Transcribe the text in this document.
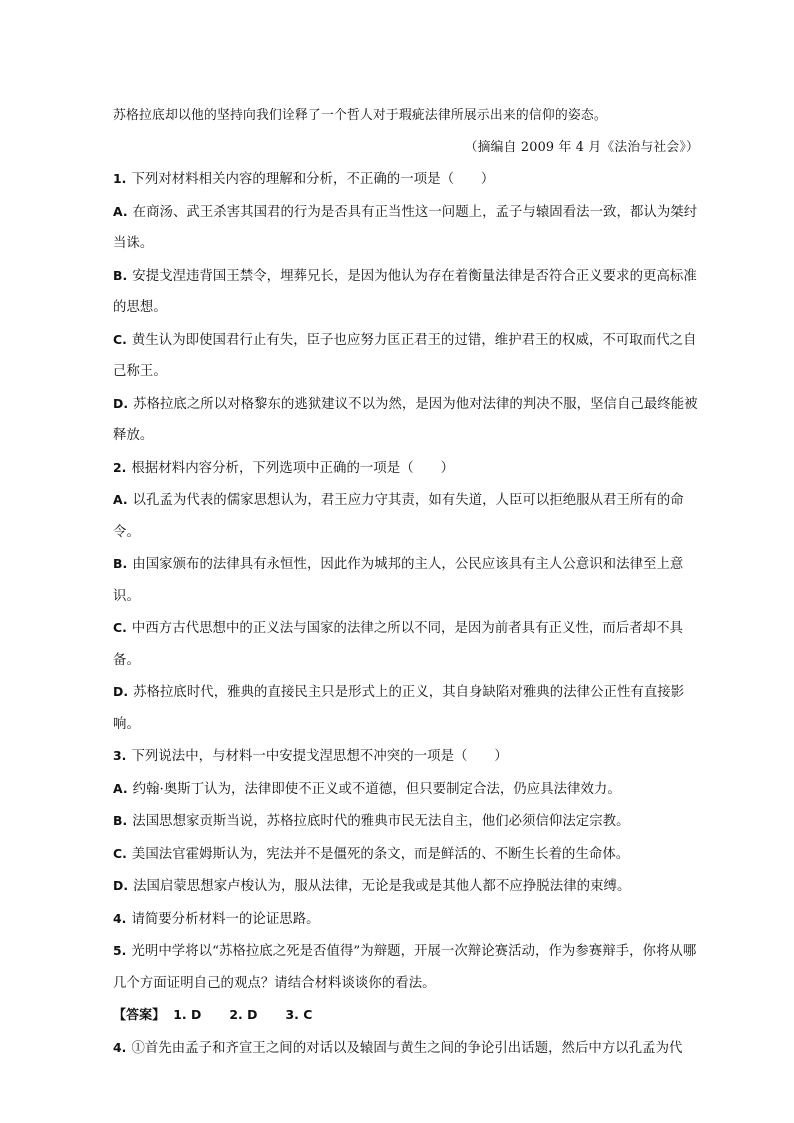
苏格拉底却以他的坚持向我们诠释了一个哲人对于瑕疵法律所展示出来的信仰的姿态。

（摘编自 2009 年 4 月《法治与社会》）

1. 下列对材料相关内容的理解和分析，不正确的一项是（　　）

A. 在商汤、武王杀害其国君的行为是否具有正当性这一问题上，孟子与辕固看法一致，都认为桀纣当诛。

B. 安提戈涅违背国王禁令，埋葬兄长，是因为他认为存在着衡量法律是否符合正义要求的更高标准的思想。

C. 黄生认为即使国君行止有失，臣子也应努力匡正君王的过错，维护君王的权威，不可取而代之自己称王。

D. 苏格拉底之所以对格黎东的逃狱建议不以为然，是因为他对法律的判决不服，坚信自己最终能被释放。

2. 根据材料内容分析，下列选项中正确的一项是（　　）

A. 以孔孟为代表的儒家思想认为，君王应力守其责，如有失道，人臣可以拒绝服从君王所有的命令。

B. 由国家颁布的法律具有永恒性，因此作为城邦的主人，公民应该具有主人公意识和法律至上意识。

C. 中西方古代思想中的正义法与国家的法律之所以不同，是因为前者具有正义性，而后者却不具备。

D. 苏格拉底时代，雅典的直接民主只是形式上的正义，其自身缺陷对雅典的法律公正性有直接影响。

3. 下列说法中，与材料一中安提戈涅思想不冲突的一项是（　　）

A. 约翰·奥斯丁认为，法律即使不正义或不道德，但只要制定合法，仍应具法律效力。

B. 法国思想家贡斯当说，苏格拉底时代的雅典市民无法自主，他们必须信仰法定宗教。

C. 美国法官霍姆斯认为，宪法并不是僵死的条文，而是鲜活的、不断生长着的生命体。

D. 法国启蒙思想家卢梭认为，服从法律，无论是我或是其他人都不应挣脱法律的束缚。

4. 请简要分析材料一的论证思路。

5. 光明中学将以“苏格拉底之死是否值得”为辩题，开展一次辩论赛活动，作为参赛辩手，你将从哪几个方面证明自己的观点？请结合材料谈谈你的看法。

【答案】 1. D 2. D 3. C

4. ①首先由孟子和齐宣王之间的对话以及辕固与黄生之间的争论引出话题，然后中方以孔孟为代
